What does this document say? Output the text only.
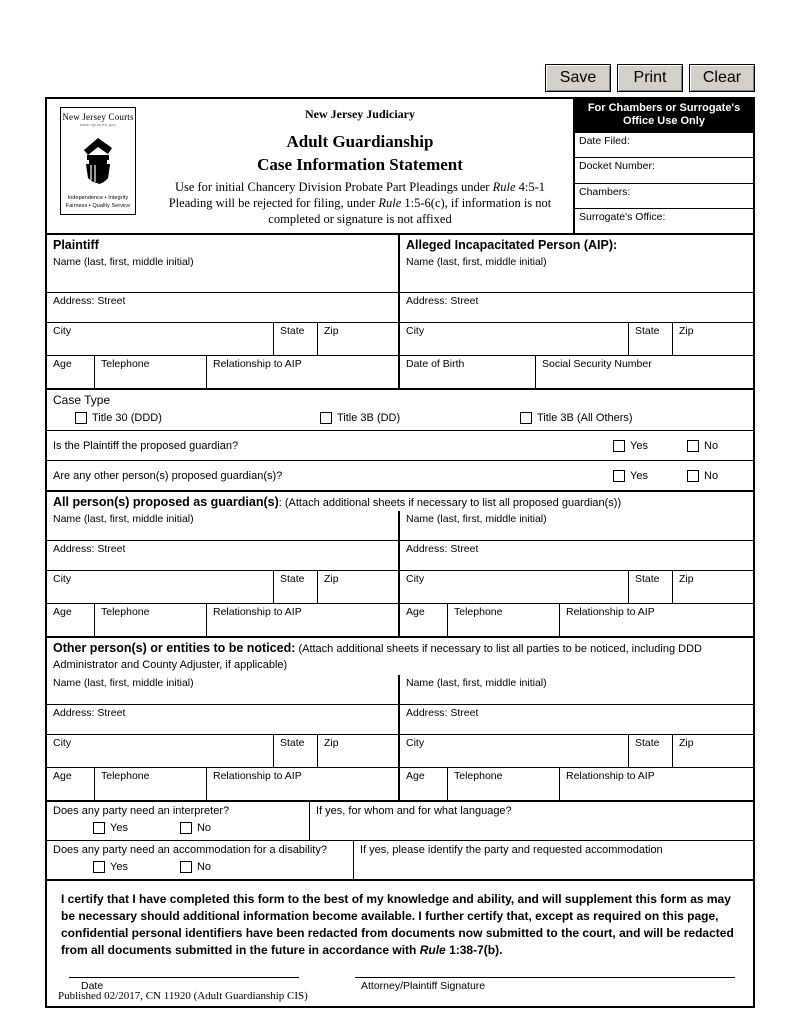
Save	Print	Clear
New Jersey Courts
www.njcourts.gov
Independence • Integrity
Fairness • Quality Service
New Jersey Judiciary
Adult Guardianship
Case Information Statement
Use for initial Chancery Division Probate Part Pleadings under Rule 4:5-1
Pleading will be rejected for filing, under Rule 1:5-6(c), if information is not
completed or signature is not affixed
For Chambers or Surrogate's
Office Use Only
Date Filed:
Docket Number:
Chambers:
Surrogate's Office:
Plaintiff
Name (last, first, middle initial)
Address: Street
City	State	Zip
Age	Telephone	Relationship to AIP
Alleged Incapacitated Person (AIP):
Name (last, first, middle initial)
Address: Street
City	State	Zip
Date of Birth	Social Security Number
Case Type
Title 30 (DDD)	Title 3B (DD)	Title 3B (All Others)
Is the Plaintiff the proposed guardian?	Yes	No
Are any other person(s) proposed guardian(s)?	Yes	No
All person(s) proposed as guardian(s): (Attach additional sheets if necessary to list all proposed guardian(s))
Name (last, first, middle initial)
Address: Street
City	State	Zip
Age	Telephone	Relationship to AIP
Name (last, first, middle initial)
Address: Street
City	State	Zip
Age	Telephone	Relationship to AIP
Other person(s) or entities to be noticed: (Attach additional sheets if necessary to list all parties to be noticed, including DDD Administrator and County Adjuster, if applicable)
Name (last, first, middle initial)
Address: Street
City	State	Zip
Age	Telephone	Relationship to AIP
Name (last, first, middle initial)
Address: Street
City	State	Zip
Age	Telephone	Relationship to AIP
Does any party need an interpreter?
Yes	No
If yes, for whom and for what language?
Does any party need an accommodation for a disability?
Yes	No
If yes, please identify the party and requested accommodation
I certify that I have completed this form to the best of my knowledge and ability, and will supplement this form as may be necessary should additional information become available. I further certify that, except as required on this page, confidential personal identifiers have been redacted from documents now submitted to the court, and will be redacted from all documents submitted in the future in accordance with Rule 1:38-7(b).
Date	Attorney/Plaintiff Signature
Published 02/2017, CN 11920 (Adult Guardianship CIS)
